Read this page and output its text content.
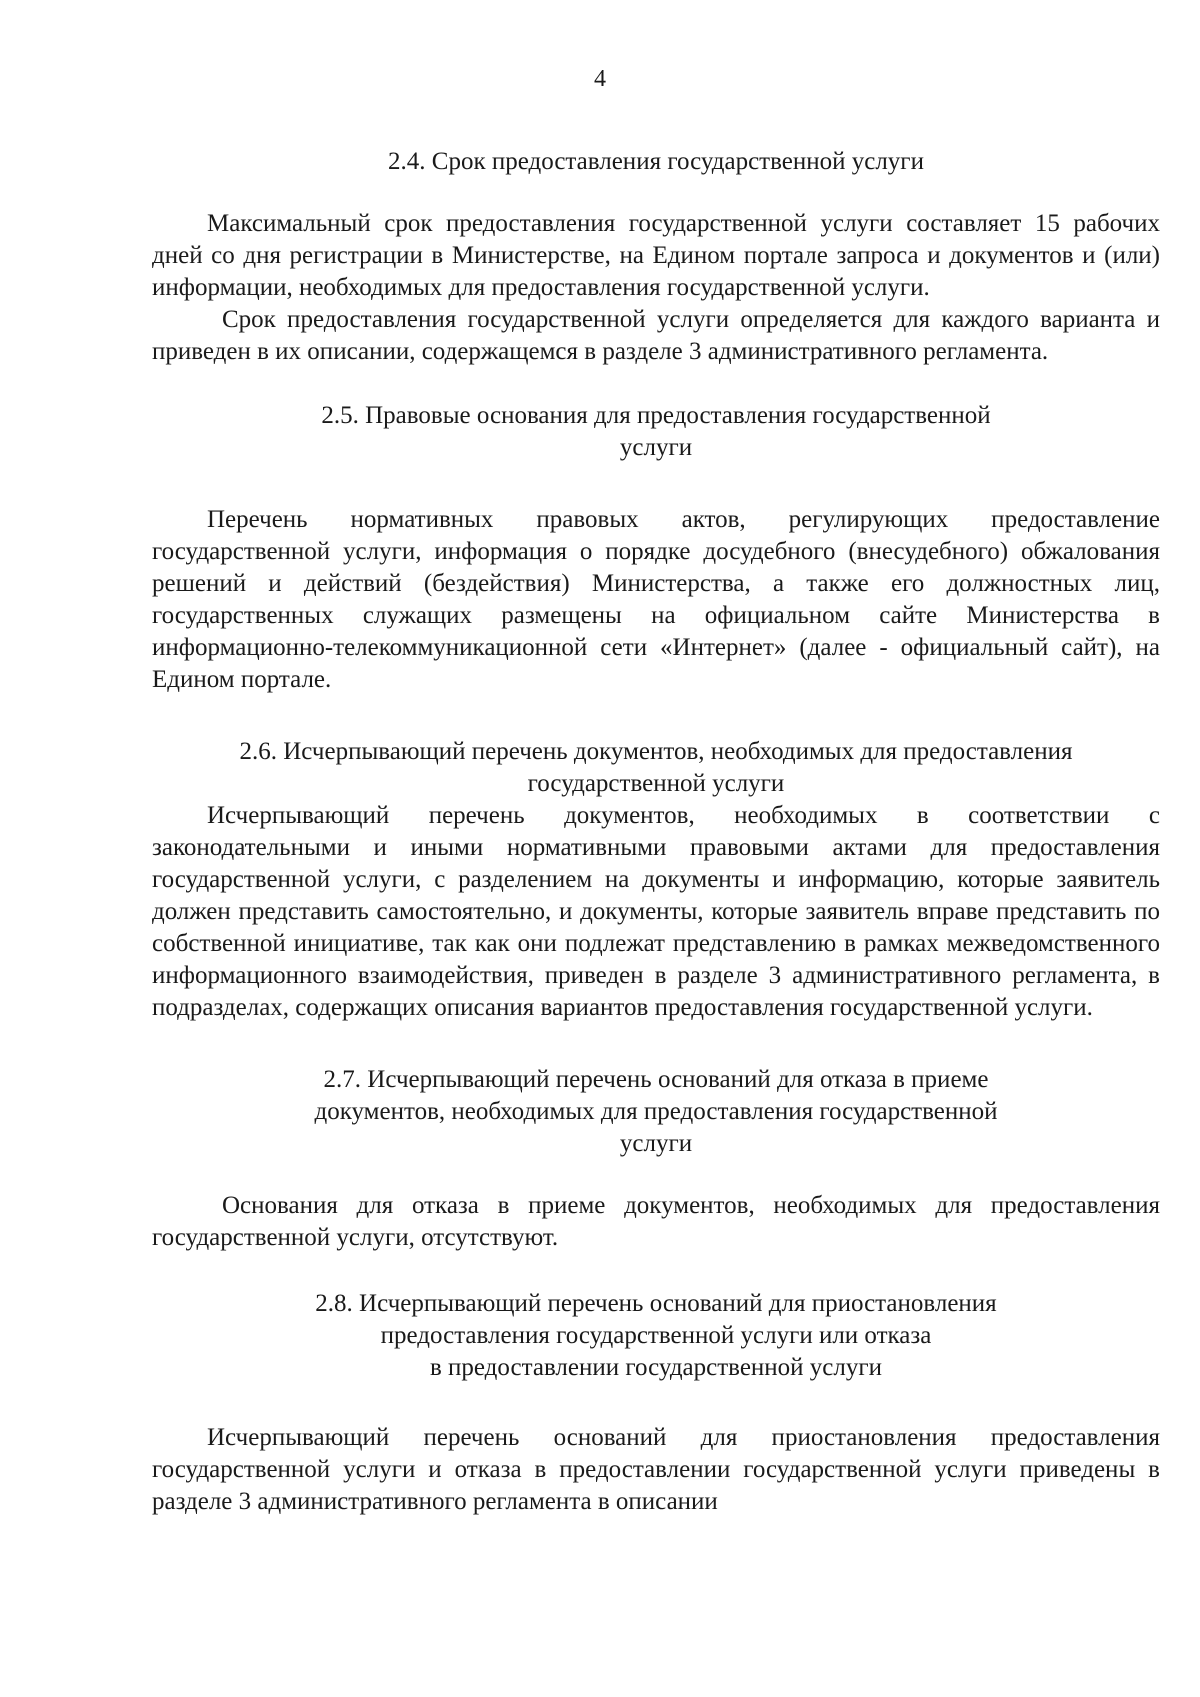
4
2.4. Срок предоставления государственной услуги

Максимальный срок предоставления государственной услуги составляет 15 рабочих дней со дня регистрации в Министерстве, на Едином портале запроса и документов и (или) информации, необходимых для предоставления государственной услуги.

Срок предоставления государственной услуги определяется для каждого варианта и приведен в их описании, содержащемся в разделе 3 административного регламента.

2.5. Правовые основания для предоставления государственной
услуги

Перечень нормативных правовых актов, регулирующих предоставление государственной услуги, информация о порядке досудебного (внесудебного) обжалования решений и действий (бездействия) Министерства, а также его должностных лиц, государственных служащих размещены на официальном сайте Министерства в информационно-телекоммуникационной сети «Интернет» (далее - официальный сайт), на Едином портале.

2.6. Исчерпывающий перечень документов, необходимых для предоставления
государственной услуги

Исчерпывающий перечень документов, необходимых в соответствии с законодательными и иными нормативными правовыми актами для предоставления государственной услуги, с разделением на документы и информацию, которые заявитель должен представить самостоятельно, и документы, которые заявитель вправе представить по собственной инициативе, так как они подлежат представлению в рамках межведомственного информационного взаимодействия, приведен в разделе 3 административного регламента, в подразделах, содержащих описания вариантов предоставления государственной услуги.

2.7. Исчерпывающий перечень оснований для отказа в приеме
документов, необходимых для предоставления государственной
услуги

Основания для отказа в приеме документов, необходимых для предоставления государственной услуги, отсутствуют.

2.8. Исчерпывающий перечень оснований для приостановления
предоставления государственной услуги или отказа
в предоставлении государственной услуги

Исчерпывающий перечень оснований для приостановления предоставления государственной услуги и отказа в предоставлении государственной услуги приведены в разделе 3 административного регламента в описании
